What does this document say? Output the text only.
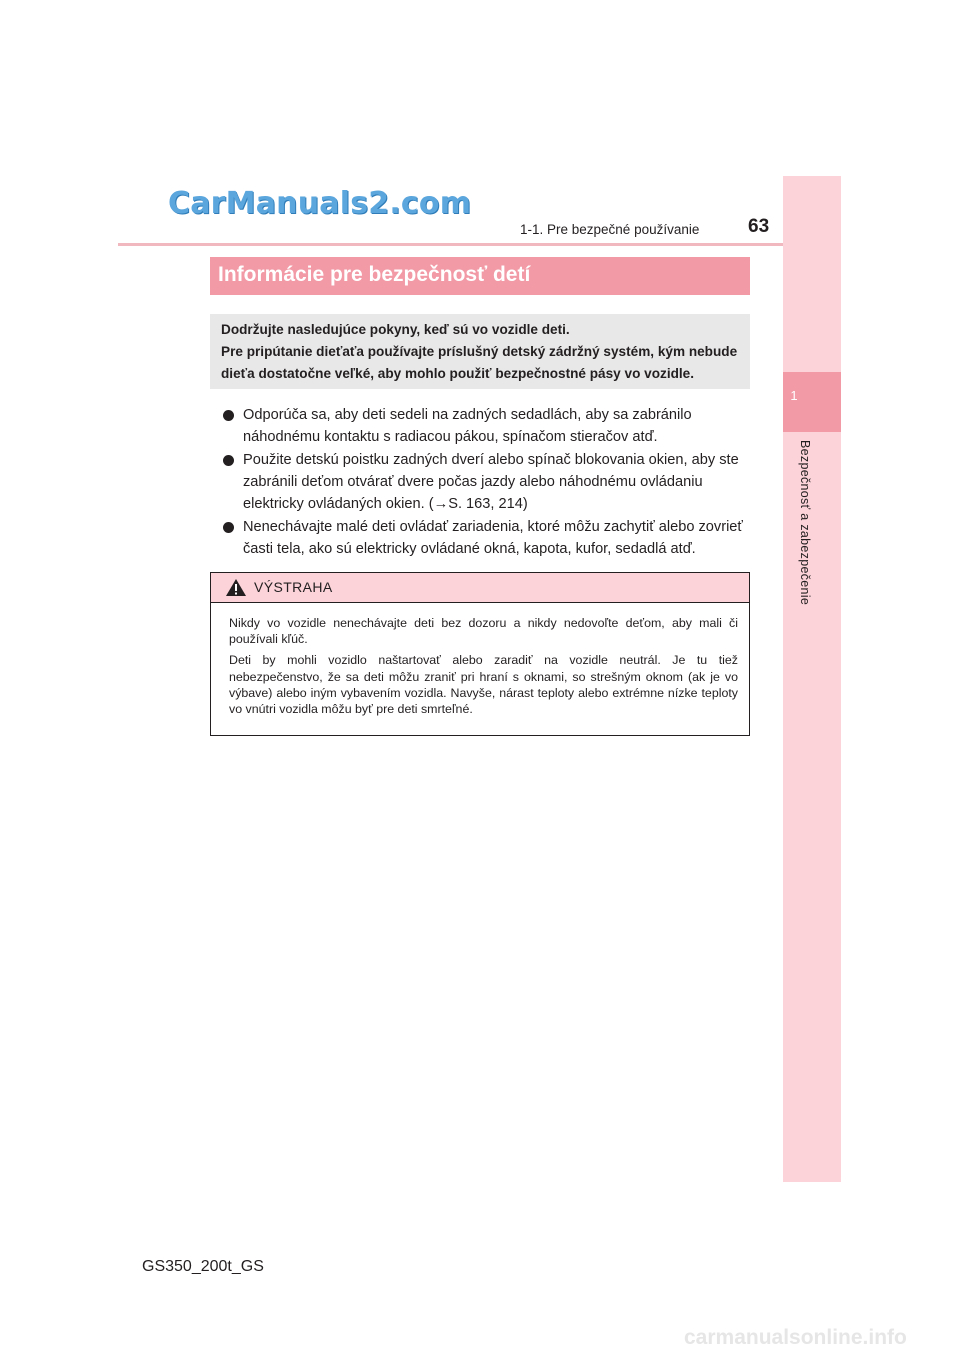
CarManuals2.com
1-1. Pre bezpečné používanie	63
1
Bezpečnosť a zabezpečenie
Informácie pre bezpečnosť detí
Dodržujte nasledujúce pokyny, keď sú vo vozidle deti.
Pre pripútanie dieťaťa používajte príslušný detský zádržný systém, kým nebude
dieťa dostatočne veľké, aby mohlo použiť bezpečnostné pásy vo vozidle.
Odporúča sa, aby deti sedeli na zadných sedadlách, aby sa zabránilo náhodnému kontaktu s radiacou pákou, spínačom stieračov atď.
Použite detskú poistku zadných dverí alebo spínač blokovania okien, aby ste zabránili deťom otvárať dvere počas jazdy alebo náhodnému ovládaniu elektricky ovládaných okien. (→S. 163, 214)
Nenechávajte malé deti ovládať zariadenia, ktoré môžu zachytiť alebo zovrieť časti tela, ako sú elektricky ovládané okná, kapota, kufor, sedadlá atď.
VÝSTRAHA

Nikdy vo vozidle nenechávajte deti bez dozoru a nikdy nedovoľte deťom, aby mali či používali kľúč.

Deti by mohli vozidlo naštartovať alebo zaradiť na vozidle neutrál. Je tu tiež nebezpečenstvo, že sa deti môžu zraniť pri hraní s oknami, so strešným oknom (ak je vo výbave) alebo iným vybavením vozidla. Navyše, nárast teploty alebo extrémne nízke teploty vo vnútri vozidla môžu byť pre deti smrteľné.

GS350_200t_GS
carmanualsonline.info
